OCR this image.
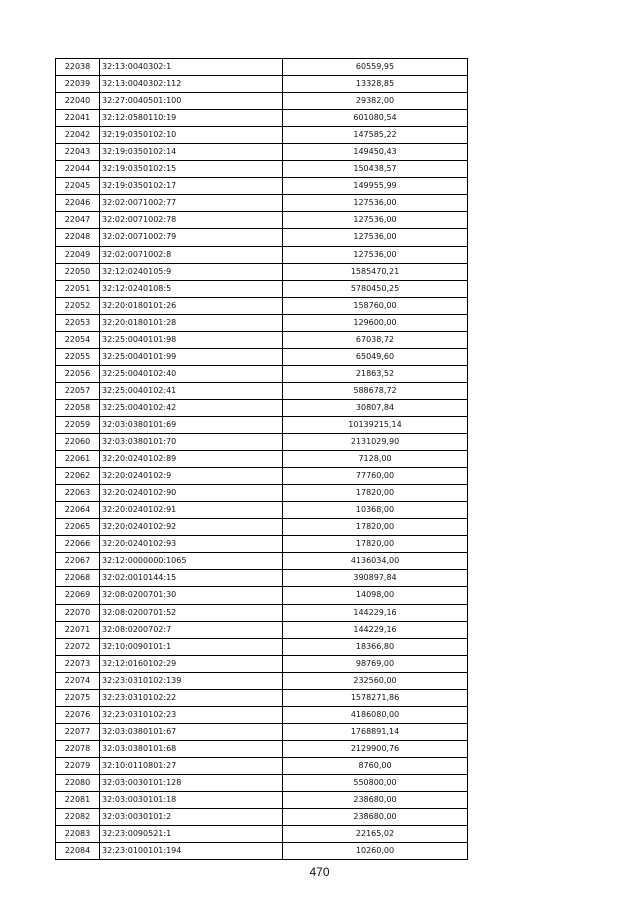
22038	32:13:0040302:1	60559,95
22039	32:13:0040302:112	13328,85
22040	32:27:0040501:100	29382,00
22041	32:12:0580110:19	601080,54
22042	32:19:0350102:10	147585,22
22043	32:19:0350102:14	149450,43
22044	32:19:0350102:15	150438,57
22045	32:19:0350102:17	149955,99
22046	32:02:0071002:77	127536,00
22047	32:02:0071002:78	127536,00
22048	32:02:0071002:79	127536,00
22049	32:02:0071002:8	127536,00
22050	32:12:0240105:9	1585470,21
22051	32:12:0240108:5	5780450,25
22052	32:20:0180101:26	158760,00
22053	32:20:0180101:28	129600,00
22054	32:25:0040101:98	67038,72
22055	32:25:0040101:99	65049,60
22056	32:25:0040102:40	21863,52
22057	32:25:0040102:41	588678,72
22058	32:25:0040102:42	30807,84
22059	32:03:0380101:69	10139215,14
22060	32:03:0380101:70	2131029,90
22061	32:20:0240102:89	7128,00
22062	32:20:0240102:9	77760,00
22063	32:20:0240102:90	17820,00
22064	32:20:0240102:91	10368,00
22065	32:20:0240102:92	17820,00
22066	32:20:0240102:93	17820,00
22067	32:12:0000000:1065	4136034,00
22068	32:02:0010144:15	390897,84
22069	32:08:0200701:30	14098,00
22070	32:08:0200701:52	144229,16
22071	32:08:0200702:7	144229,16
22072	32:10:0090101:1	18366,80
22073	32:12:0160102:29	98769,00
22074	32:23:0310102:139	232560,00
22075	32:23:0310102:22	1578271,86
22076	32:23:0310102:23	4186080,00
22077	32:03:0380101:67	1768891,14
22078	32:03:0380101:68	2129900,76
22079	32:10:0110801:27	8760,00
22080	32:03:0030101:128	550800,00
22081	32:03:0030101:18	238680,00
22082	32:03:0030101:2	238680,00
22083	32:23:0090521:1	22165,02
22084	32:23:0100101:194	10260,00
470
